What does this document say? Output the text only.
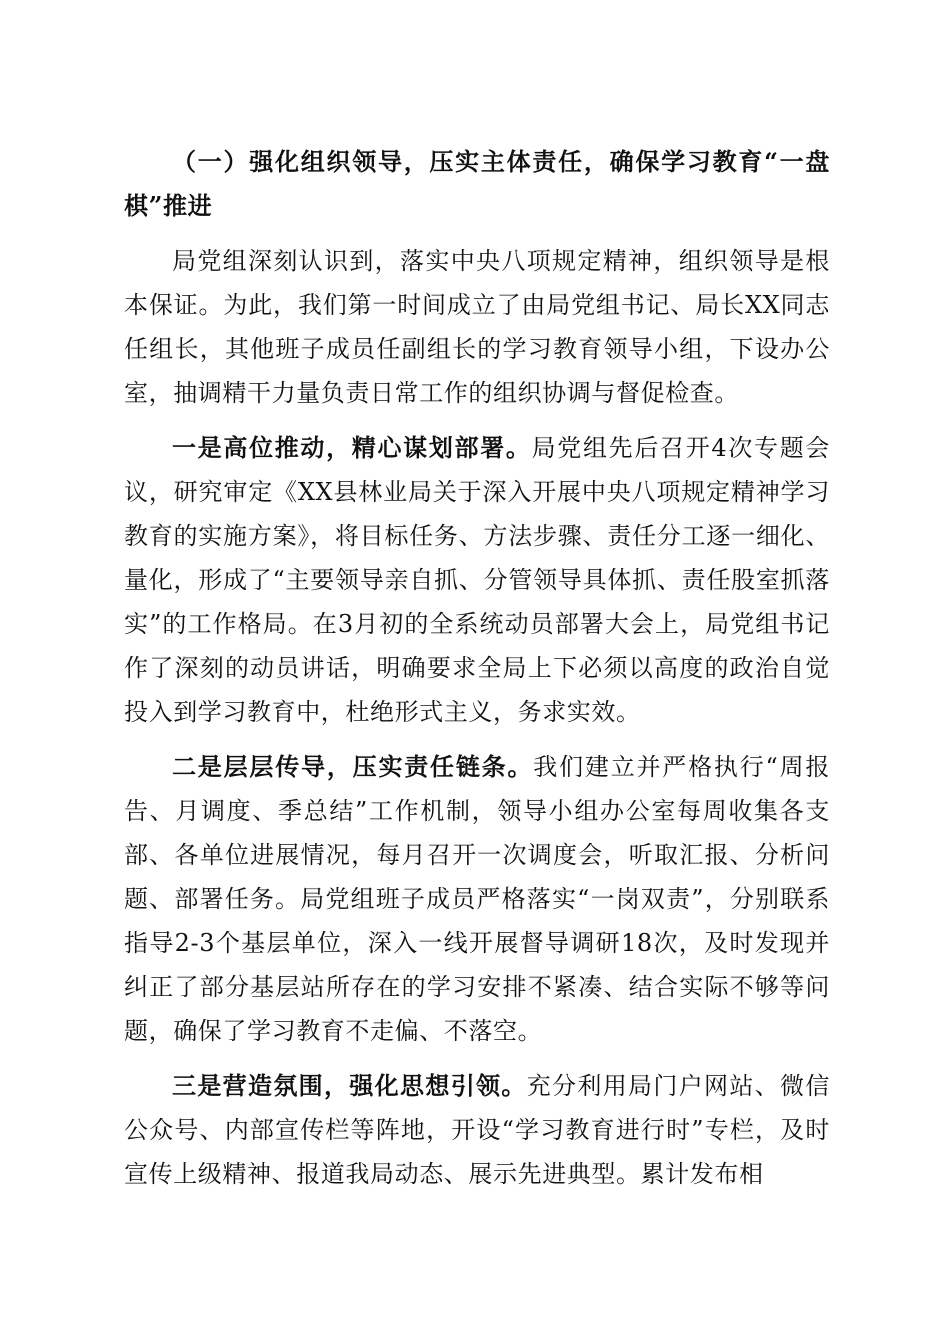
（一）强化组织领导，压实主体责任，确保学习教育“一盘棋”推进

局党组深刻认识到，落实中央八项规定精神，组织领导是根本保证。为此，我们第一时间成立了由局党组书记、局长XX同志任组长，其他班子成员任副组长的学习教育领导小组，下设办公室，抽调精干力量负责日常工作的组织协调与督促检查。

一是高位推动，精心谋划部署。局党组先后召开4次专题会议，研究审定《XX县林业局关于深入开展中央八项规定精神学习教育的实施方案》，将目标任务、方法步骤、责任分工逐一细化、量化，形成了“主要领导亲自抓、分管领导具体抓、责任股室抓落实”的工作格局。在3月初的全系统动员部署大会上，局党组书记作了深刻的动员讲话，明确要求全局上下必须以高度的政治自觉投入到学习教育中，杜绝形式主义，务求实效。

二是层层传导，压实责任链条。我们建立并严格执行“周报告、月调度、季总结”工作机制，领导小组办公室每周收集各支部、各单位进展情况，每月召开一次调度会，听取汇报、分析问题、部署任务。局党组班子成员严格落实“一岗双责”，分别联系指导2-3个基层单位，深入一线开展督导调研18次，及时发现并纠正了部分基层站所存在的学习安排不紧凑、结合实际不够等问题，确保了学习教育不走偏、不落空。

三是营造氛围，强化思想引领。充分利用局门户网站、微信公众号、内部宣传栏等阵地，开设“学习教育进行时”专栏，及时宣传上级精神、报道我局动态、展示先进典型。累计发布相
